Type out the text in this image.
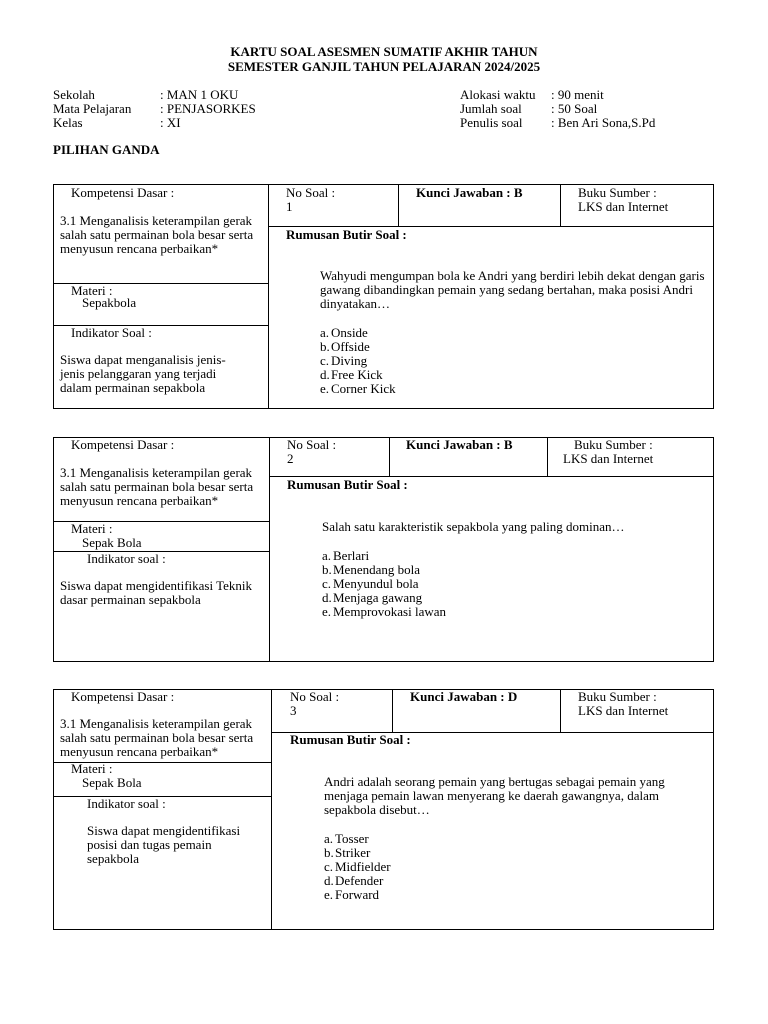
KARTU SOAL ASESMEN SUMATIF AKHIR TAHUN
SEMESTER GANJIL TAHUN PELAJARAN 2024/2025
Sekolah	: MAN 1 OKU
Mata Pelajaran : PENJASORKES
Kelas	: XI
Alokasi waktu : 90 menit
Jumlah soal : 50 Soal
Penulis soal : Ben Ari Sona,S.Pd
PILIHAN GANDA
Kompetensi Dasar :
3.1 Menganalisis keterampilan gerak salah satu permainan bola besar serta menyusun rencana perbaikan*
Materi :
Sepakbola
Indikator Soal :
Siswa dapat menganalisis jenis-jenis pelanggaran yang terjadi dalam permainan sepakbola
No Soal :
1
Kunci Jawaban : B	Buku Sumber :
LKS dan Internet
Rumusan Butir Soal :
Wahyudi mengumpan bola ke Andri yang berdiri lebih dekat dengan garis gawang dibandingkan pemain yang sedang bertahan, maka posisi Andri dinyatakan…
a. Onside
b.Offside
c. Diving
d.Free Kick
e. Corner Kick
Kompetensi Dasar :
3.1 Menganalisis keterampilan gerak salah satu permainan bola besar serta menyusun rencana perbaikan*
Materi :
Sepak Bola
Indikator soal :
Siswa dapat mengidentifikasi Teknik dasar permainan sepakbola
No Soal :
2
Kunci Jawaban : B	Buku Sumber :
LKS dan Internet
Rumusan Butir Soal :
Salah satu karakteristik sepakbola yang paling dominan…
a. Berlari
b.Menendang bola
c. Menyundul bola
d.Menjaga gawang
e. Memprovokasi lawan
Kompetensi Dasar :
3.1 Menganalisis keterampilan gerak salah satu permainan bola besar serta menyusun rencana perbaikan*
Materi :
Sepak Bola
Indikator soal :
Siswa dapat mengidentifikasi posisi dan tugas pemain sepakbola
No Soal :
3
Kunci Jawaban : D	Buku Sumber :
LKS dan Internet
Rumusan Butir Soal :
Andri adalah seorang pemain yang bertugas sebagai pemain yang menjaga pemain lawan menyerang ke daerah gawangnya, dalam sepakbola disebut…
a. Tosser
b.Striker
c. Midfielder
d.Defender
e. Forward
